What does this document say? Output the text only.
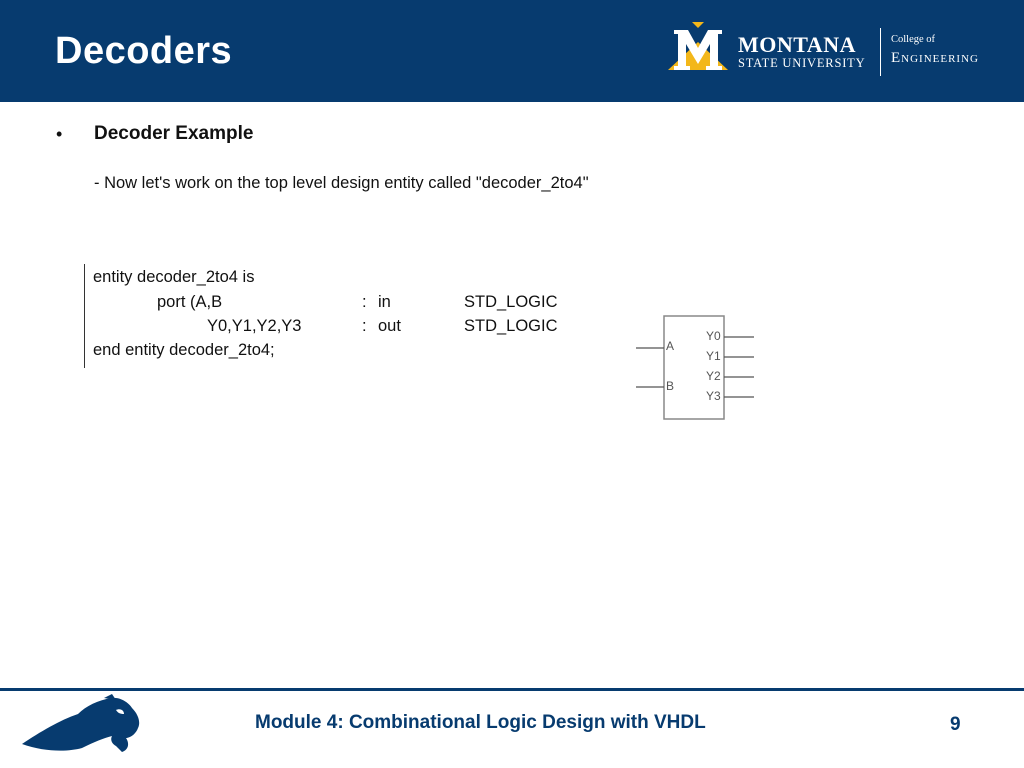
Decoders	MONTANA
STATE UNIVERSITY
College of
Engineering
• Decoder Example
- Now let's work on the top level design entity called "decoder_2to4"
entity decoder_2to4 is
port (A,B	: in	STD_LOGIC
Y0,Y1,Y2,Y3	: out	STD_LOGIC
end entity decoder_2to4;	A
B
Y0
Y1
Y2
Y3
Module 4: Combinational Logic Design with VHDL	9
